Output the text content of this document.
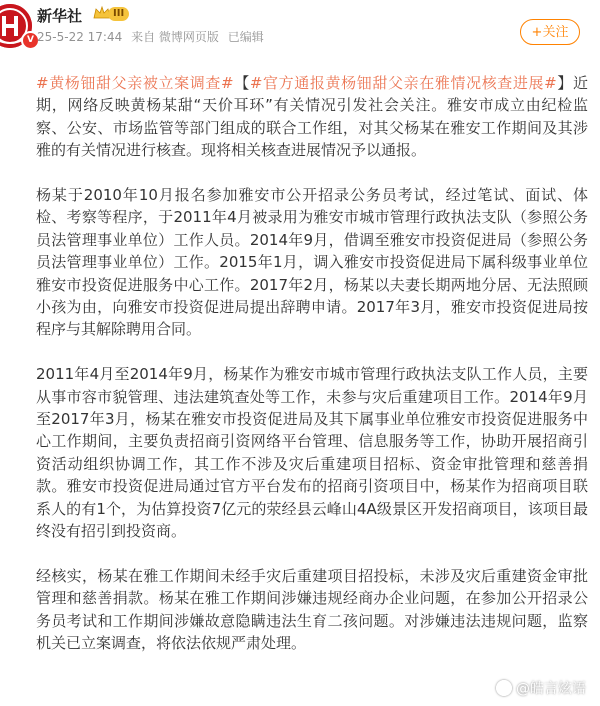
V
新华社	III
25-5-22 17:44 来自 微博网页版 已编辑	+关注

#黄杨钿甜父亲被立案调查#【#官方通报黄杨钿甜父亲在雅情况核查进展#】近期，网络反映黄杨某甜“天价耳环”有关情况引发社会关注。雅安市成立由纪检监察、公安、市场监管等部门组成的联合工作组，对其父杨某在雅安工作期间及其涉雅的有关情况进行核查。现将相关核查进展情况予以通报。

杨某于2010年10月报名参加雅安市公开招录公务员考试，经过笔试、面试、体检、考察等程序，于2011年4月被录用为雅安市城市管理行政执法支队（参照公务员法管理事业单位）工作人员。2014年9月，借调至雅安市投资促进局（参照公务员法管理事业单位）工作。2015年1月，调入雅安市投资促进局下属科级事业单位雅安市投资促进服务中心工作。2017年2月，杨某以夫妻长期两地分居、无法照顾小孩为由，向雅安市投资促进局提出辞聘申请。2017年3月，雅安市投资促进局按程序与其解除聘用合同。

2011年4月至2014年9月，杨某作为雅安市城市管理行政执法支队工作人员，主要从事市容市貌管理、违法建筑查处等工作，未参与灾后重建项目工作。2014年9月至2017年3月，杨某在雅安市投资促进局及其下属事业单位雅安市投资促进服务中心工作期间，主要负责招商引资网络平台管理、信息服务等工作，协助开展招商引资活动组织协调工作，其工作不涉及灾后重建项目招标、资金审批管理和慈善捐款。雅安市投资促进局通过官方平台发布的招商引资项目中，杨某作为招商项目联系人的有1个，为估算投资7亿元的荥经县云峰山4A级景区开发招商项目，该项目最终没有招引到投资商。

经核实，杨某在雅工作期间未经手灾后重建项目招投标，未涉及灾后重建资金审批管理和慈善捐款。杨某在雅工作期间涉嫌违规经商办企业问题，在参加公开招录公务员考试和工作期间涉嫌故意隐瞒违法生育二孩问题。对涉嫌违法违规问题，监察机关已立案调查，将依法依规严肃处理。

@皓言炫语
